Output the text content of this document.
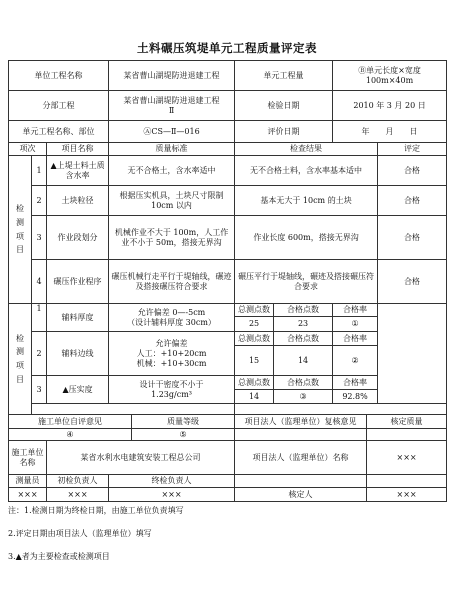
土料碾压筑堤单元工程质量评定表
单位工程名称			某省曹山湖堤防进退建工程		单元工程量		Ⓑ单元长度×宽度
100m×40m		

分部工程			某省曹山湖堤防进退建工程
Ⅱ		检验日期		2010 年 3 月 20 日		
单元工程名称、部位			ⒶCS—Ⅱ—016		评价日期		年　　月　　日		
项次		项目名称	质量标准		检查结果				评定

检测项目	1	▲上堤土料土质含水率	无不合格土，含水率适中		无不合格土料，含水率基本适中				合格
	2	土块粒径	根据压实机具，土块尺寸限制 10cm 以内		基本无大于 10cm 的土块				合格
	3	作业段划分	机械作业不大于 100m，人工作业不小于 50m，搭接无界沟		作业长度 600m，搭接无界沟				合格
	4	碾压作业程序	碾压机械行走平行于堤轴线，碾迹及搭接碾压符合要求		碾压平行于堤轴线，碾迹及搭接碾压符合要求				合格

检测项目	1	辅料厚度	允许偏差 0—-5cm
（设计辅料厚度 30cm）		总测点数	合格点数	合格率		
					25	23	①		
	2	辅料边线	允许偏差
人工：+10+20cm
机械：+10+30cm		总测点数	合格点数	合格率		
					15	14	②		
	3	▲压实度	设计干密度不小于
1.23g/cm³		总测点数	合格点数	合格率		
					14	③	92.8%		

施工单位自评意见				质量等级	项目法人（监理单位）复核意见			核定质量	
④				⑤					
施工单位名称		某省水利水电建筑安装工程总公司			项目法人（监理单位）名称			×××	
测量员		初检负责人	终检负责人						
×××		×××	×××		核定人			×××	
注：1.检测日期为终检日期，由施工单位负责填写
2.评定日期由项目法人（监理单位）填写
3.▲者为主要检查或检测项目
